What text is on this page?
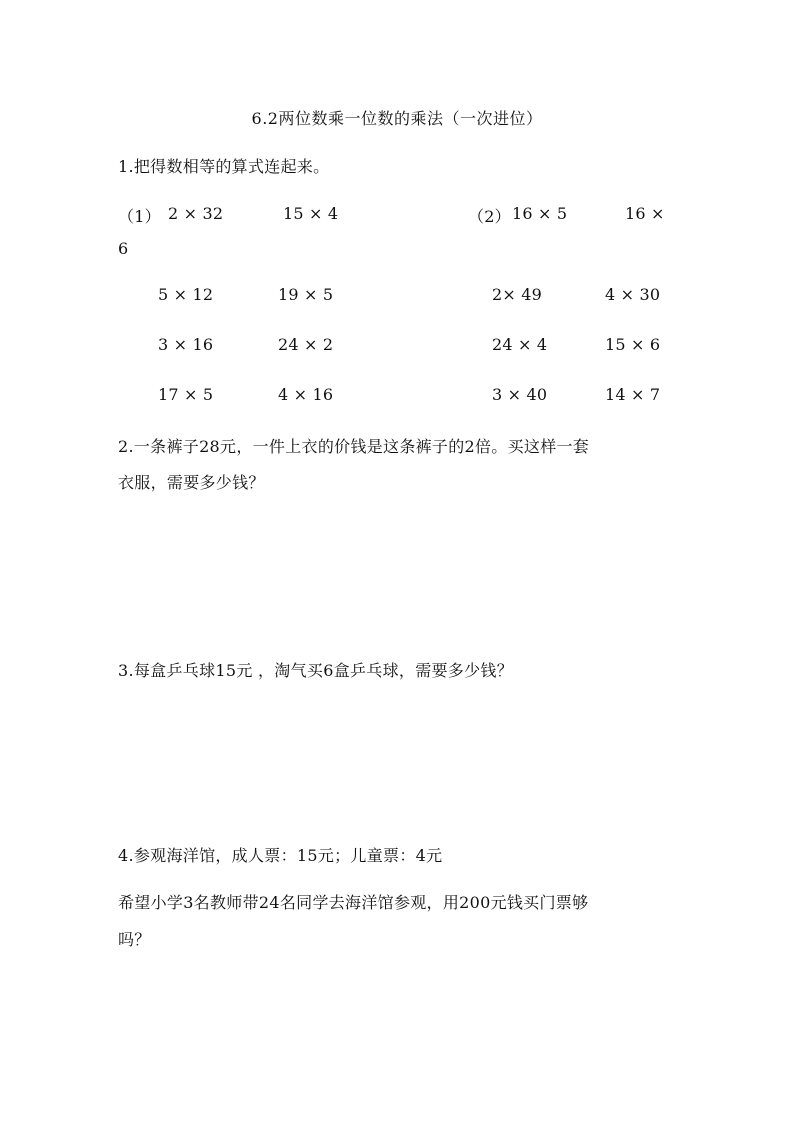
6.2两位数乘一位数的乘法（一次进位）
1.把得数相等的算式连起来。
（1） 2 × 32	15 × 4	（2） 16 × 5	16 ×
6
5 × 12	19 × 5	2× 49	4 × 30
3 × 16	24 × 2	24 × 4	15 × 6
17 × 5	4 × 16	3 × 40	14 × 7
2.一条裤子28元，一件上衣的价钱是这条裤子的2倍。买这样一套
衣服，需要多少钱？
3.每盒乒乓球15元 ，淘气买6盒乒乓球，需要多少钱？
4.参观海洋馆，成人票：15元；儿童票：4元
希望小学3名教师带24名同学去海洋馆参观，用200元钱买门票够
吗？
